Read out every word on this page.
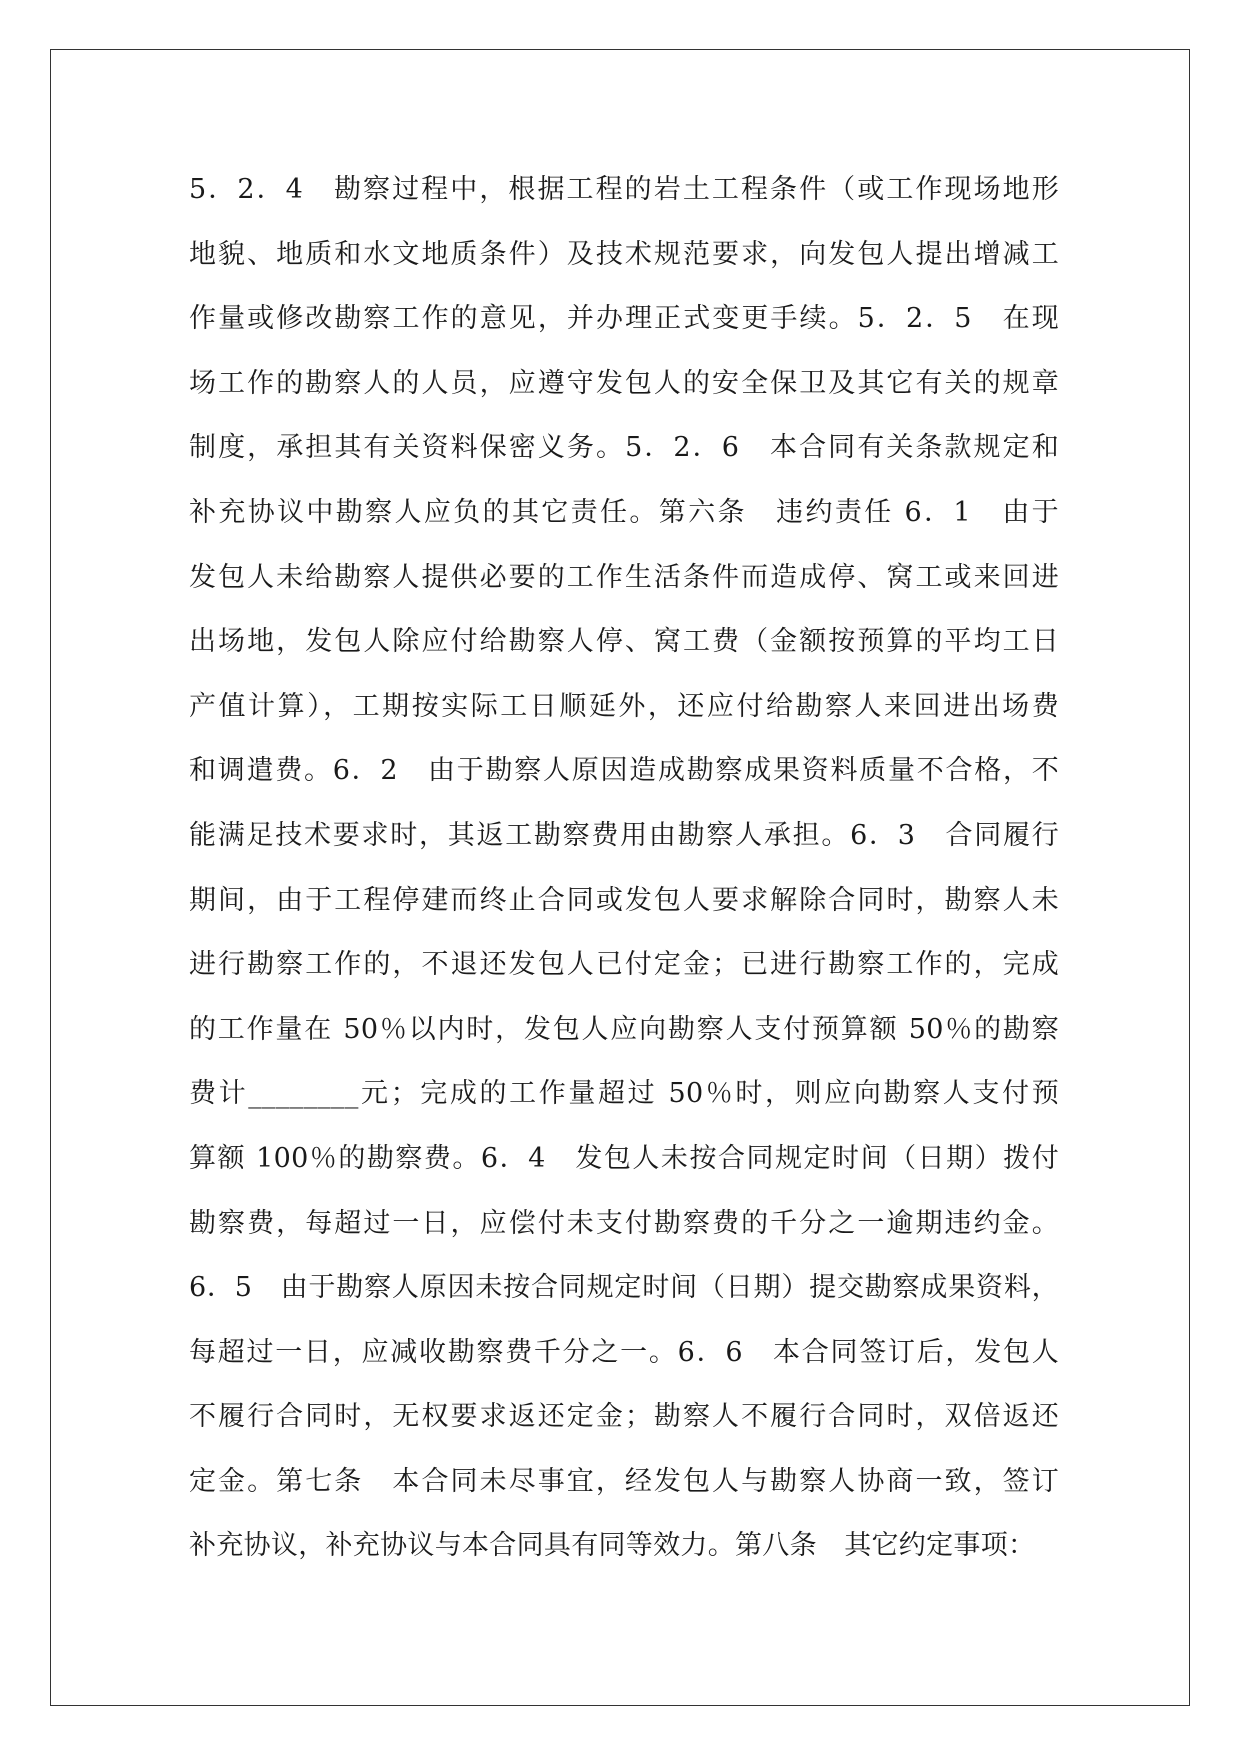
5．2．4　勘察过程中，根据工程的岩土工程条件（或工作现场地形
地貌、地质和水文地质条件）及技术规范要求，向发包人提出增减工
作量或修改勘察工作的意见，并办理正式变更手续。5．2．5　在现
场工作的勘察人的人员，应遵守发包人的安全保卫及其它有关的规章
制度，承担其有关资料保密义务。5．2．6　本合同有关条款规定和
补充协议中勘察人应负的其它责任。第六条　违约责任 6．1　由于
发包人未给勘察人提供必要的工作生活条件而造成停、窝工或来回进
出场地，发包人除应付给勘察人停、窝工费（金额按预算的平均工日
产值计算），工期按实际工日顺延外，还应付给勘察人来回进出场费
和调遣费。6．2　由于勘察人原因造成勘察成果资料质量不合格，不
能满足技术要求时，其返工勘察费用由勘察人承担。6．3　合同履行
期间，由于工程停建而终止合同或发包人要求解除合同时，勘察人未
进行勘察工作的，不退还发包人已付定金；已进行勘察工作的，完成
的工作量在 50％以内时，发包人应向勘察人支付预算额 50％的勘察
费计________元；完成的工作量超过 50％时，则应向勘察人支付预
算额 100％的勘察费。6．4　发包人未按合同规定时间（日期）拨付
勘察费，每超过一日，应偿付未支付勘察费的千分之一逾期违约金。
6．5　由于勘察人原因未按合同规定时间（日期）提交勘察成果资料，
每超过一日，应减收勘察费千分之一。6．6　本合同签订后，发包人
不履行合同时，无权要求返还定金；勘察人不履行合同时，双倍返还
定金。第七条　本合同未尽事宜，经发包人与勘察人协商一致，签订
补充协议，补充协议与本合同具有同等效力。第八条　其它约定事项：
